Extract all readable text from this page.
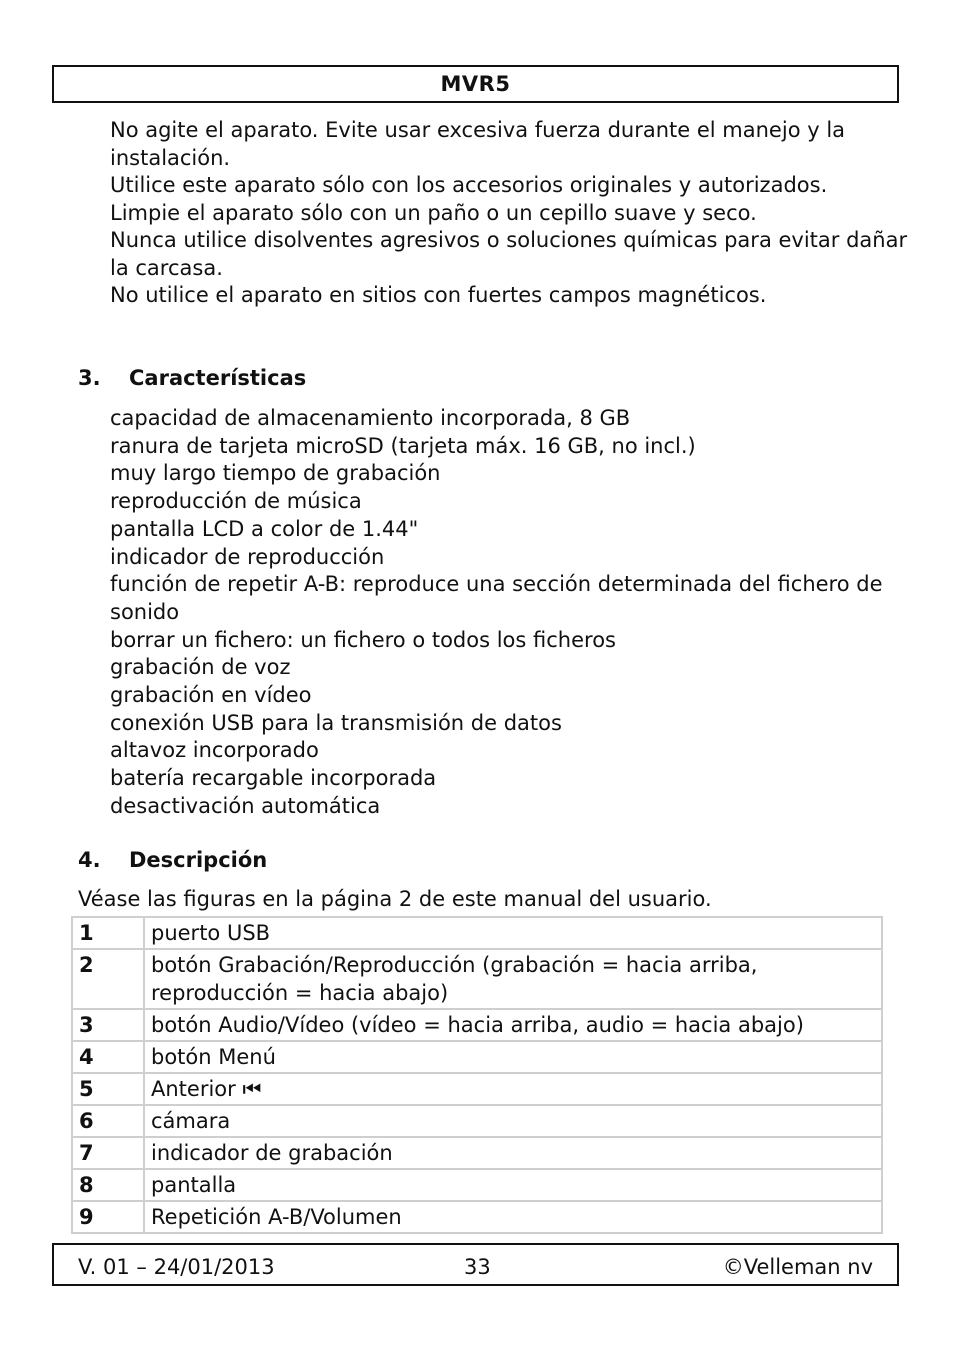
MVR5

No agite el aparato. Evite usar excesiva fuerza durante el manejo y la instalación.

Utilice este aparato sólo con los accesorios originales y autorizados.

Limpie el aparato sólo con un paño o un cepillo suave y seco.

Nunca utilice disolventes agresivos o soluciones químicas para evitar dañar la carcasa.

No utilice el aparato en sitios con fuertes campos magnéticos.

3. Características
capacidad de almacenamiento incorporada, 8 GB
ranura de tarjeta microSD (tarjeta máx. 16 GB, no incl.)
muy largo tiempo de grabación
reproducción de música
pantalla LCD a color de 1.44"
indicador de reproducción
función de repetir A-B: reproduce una sección determinada del fichero de sonido
borrar un fichero: un fichero o todos los ficheros
grabación de voz
grabación en vídeo
conexión USB para la transmisión de datos
altavoz incorporado
batería recargable incorporada
desactivación automática
4. Descripción
Véase las figuras en la página 2 de este manual del usuario.
1	puerto USB
2	botón Grabación/Reproducción (grabación = hacia arriba, reproducción = hacia abajo)
3	botón Audio/Vídeo (vídeo = hacia arriba, audio = hacia abajo)
4	botón Menú
5	Anterior ⏮
6	cámara
7	indicador de grabación
8	pantalla
9	Repetición A-B/Volumen
V. 01 – 24/01/2013	33	©Velleman nv
